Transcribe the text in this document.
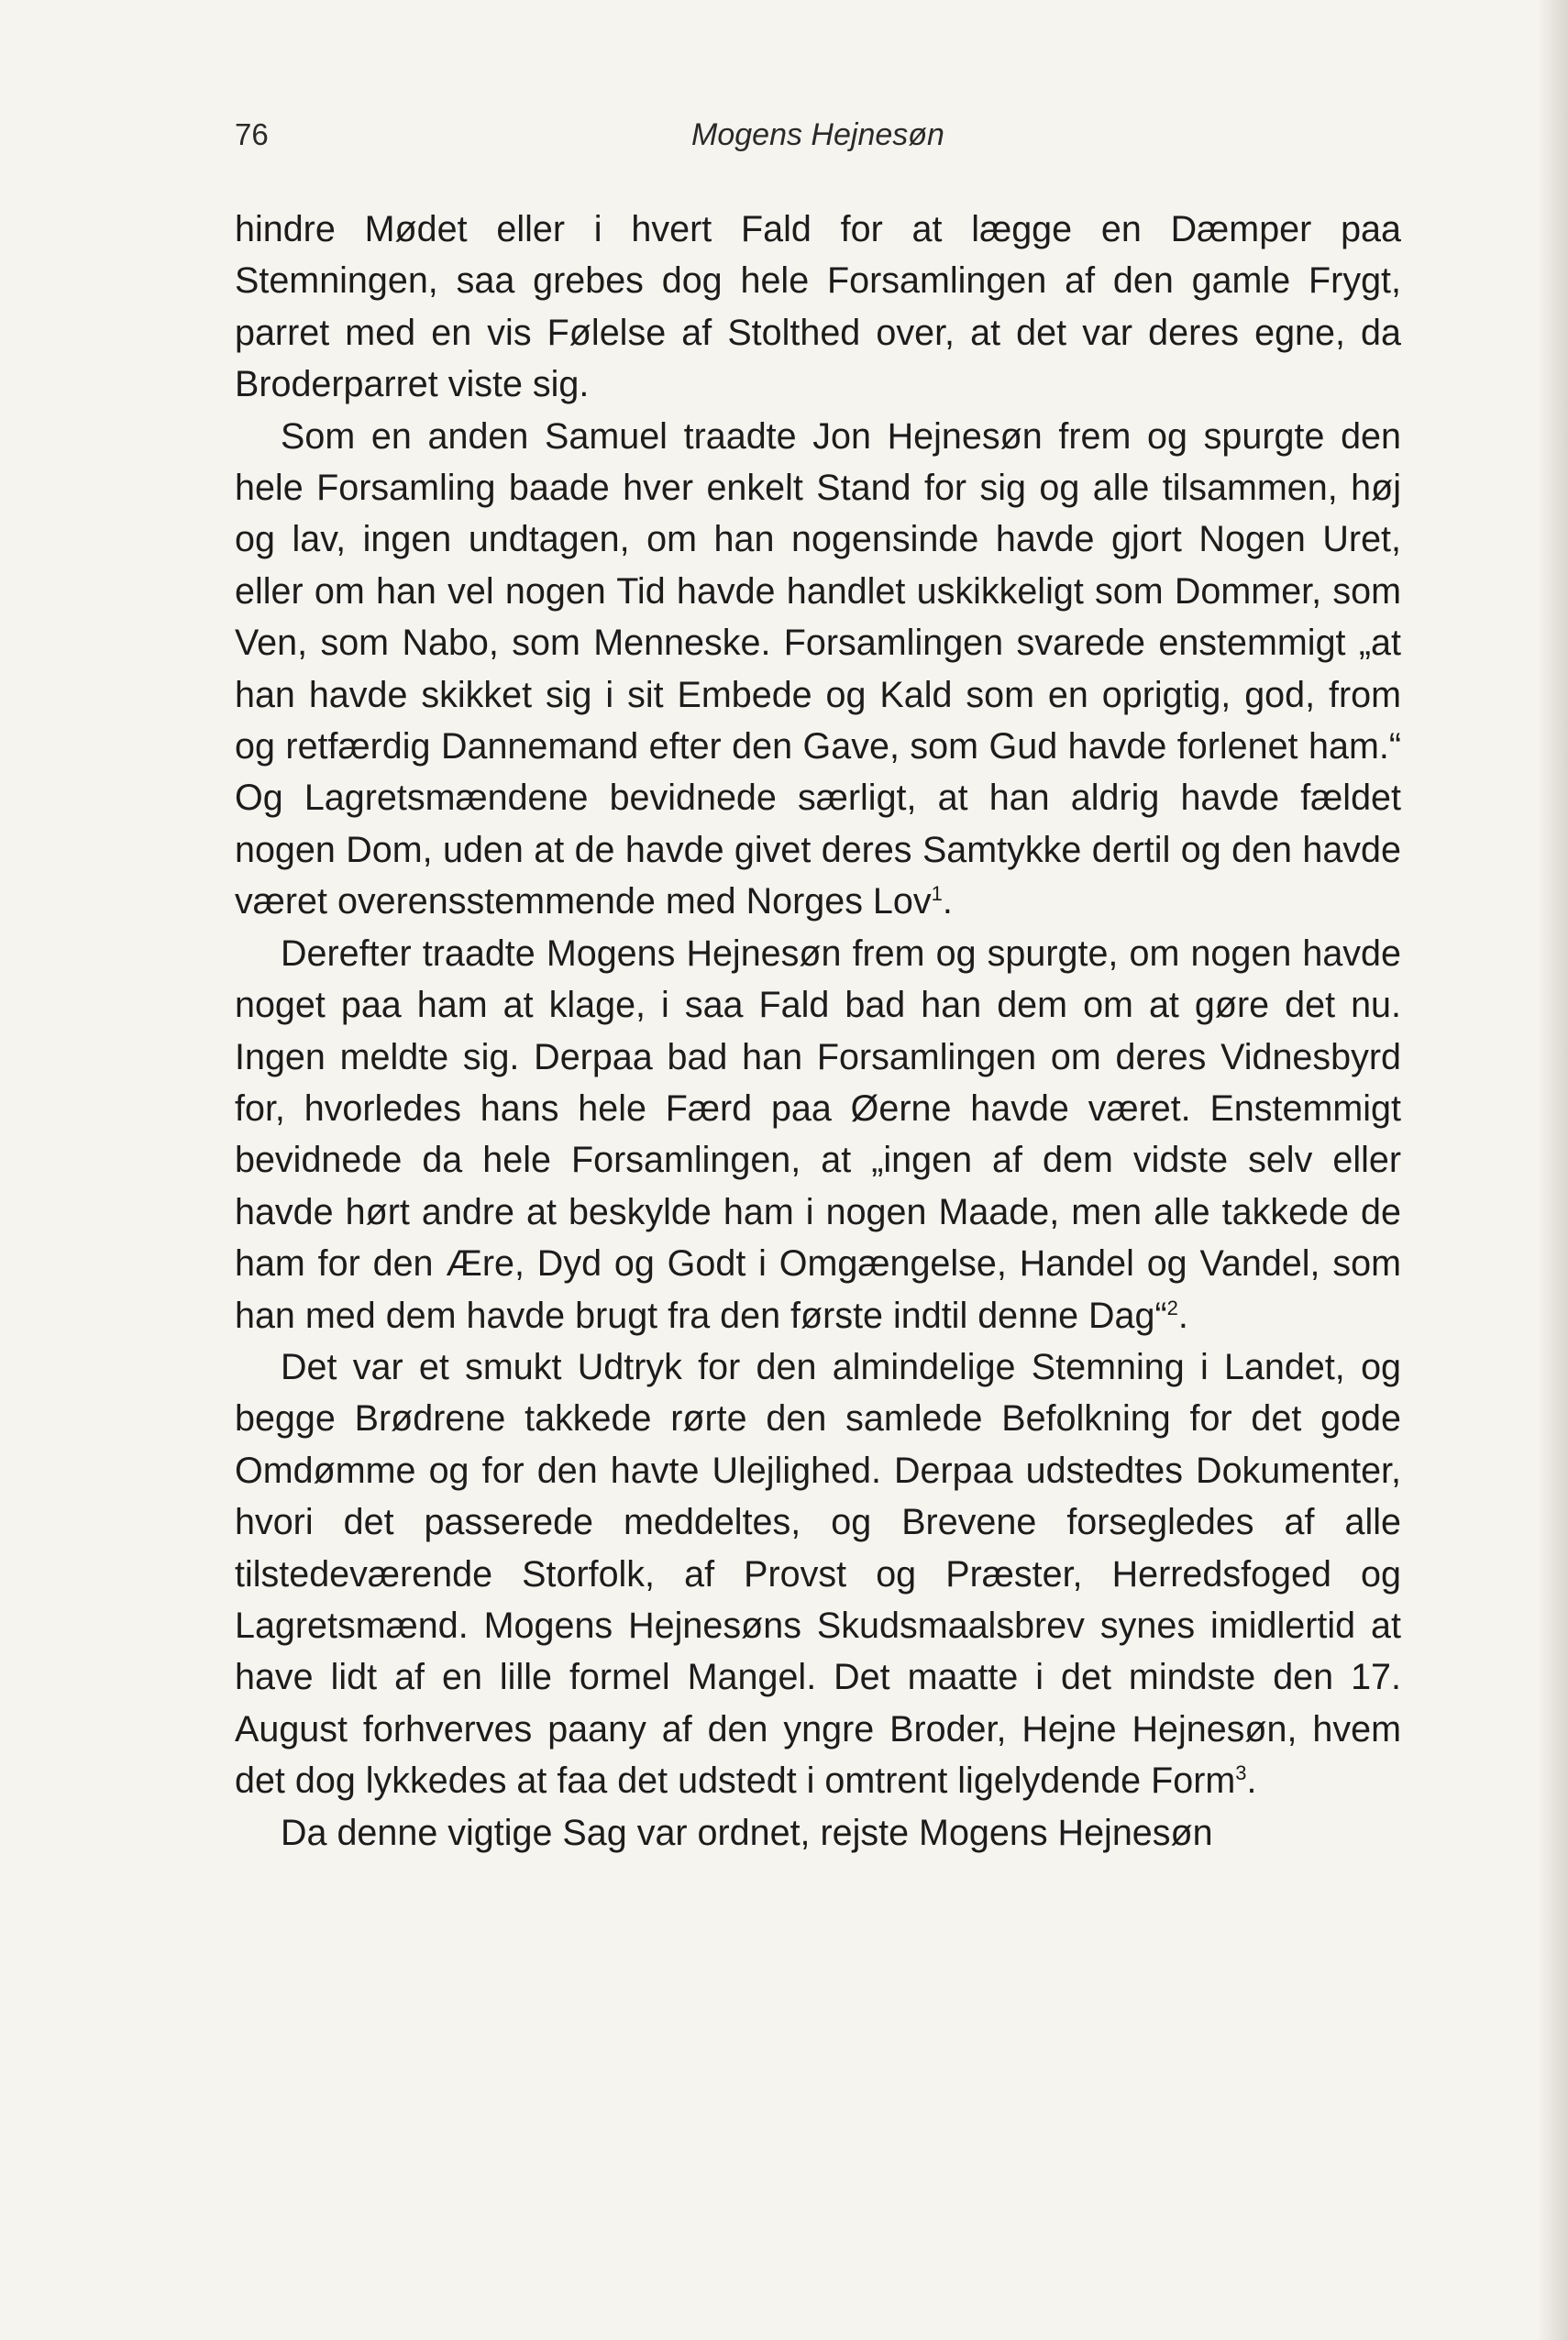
76	Mogens Hejnesøn

hindre Mødet eller i hvert Fald for at lægge en Dæmper paa Stemningen, saa grebes dog hele Forsamlingen af den gamle Frygt, parret med en vis Følelse af Stolthed over, at det var deres egne, da Broderparret viste sig.

Som en anden Samuel traadte Jon Hejnesøn frem og spurgte den hele Forsamling baade hver enkelt Stand for sig og alle tilsammen, høj og lav, ingen undtagen, om han nogensinde havde gjort Nogen Uret, eller om han vel nogen Tid havde handlet uskikkeligt som Dommer, som Ven, som Nabo, som Menneske. Forsamlingen svarede enstemmigt „at han havde skikket sig i sit Embede og Kald som en oprigtig, god, from og retfærdig Dannemand efter den Gave, som Gud havde forlenet ham.“ Og Lagretsmændene bevidnede særligt, at han aldrig havde fældet nogen Dom, uden at de havde givet deres Samtykke dertil og den havde været overensstemmende med Norges Lov$^1$.

Derefter traadte Mogens Hejnesøn frem og spurgte, om nogen havde noget paa ham at klage, i saa Fald bad han dem om at gøre det nu. Ingen meldte sig. Derpaa bad han Forsamlingen om deres Vidnesbyrd for, hvorledes hans hele Færd paa Øerne havde været. Enstemmigt bevidnede da hele Forsamlingen, at „ingen af dem vidste selv eller havde hørt andre at beskylde ham i nogen Maade, men alle takkede de ham for den Ære, Dyd og Godt i Omgængelse, Handel og Vandel, som han med dem havde brugt fra den første indtil denne Dag“$^2$.

Det var et smukt Udtryk for den almindelige Stemning i Landet, og begge Brødrene takkede rørte den samlede Befolkning for det gode Omdømme og for den havte Ulejlighed. Derpaa udstedtes Dokumenter, hvori det passerede meddeltes, og Brevene forsegledes af alle tilstedeværende Storfolk, af Provst og Præster, Herredsfoged og Lagretsmænd. Mogens Hejnesøns Skudsmaalsbrev synes imidlertid at have lidt af en lille formel Mangel. Det maatte i det mindste den 17. August forhverves paany af den yngre Broder, Hejne Hejnesøn, hvem det dog lykkedes at faa det udstedt i omtrent ligelydende Form$^3$.

Da denne vigtige Sag var ordnet, rejste Mogens Hejnesøn
